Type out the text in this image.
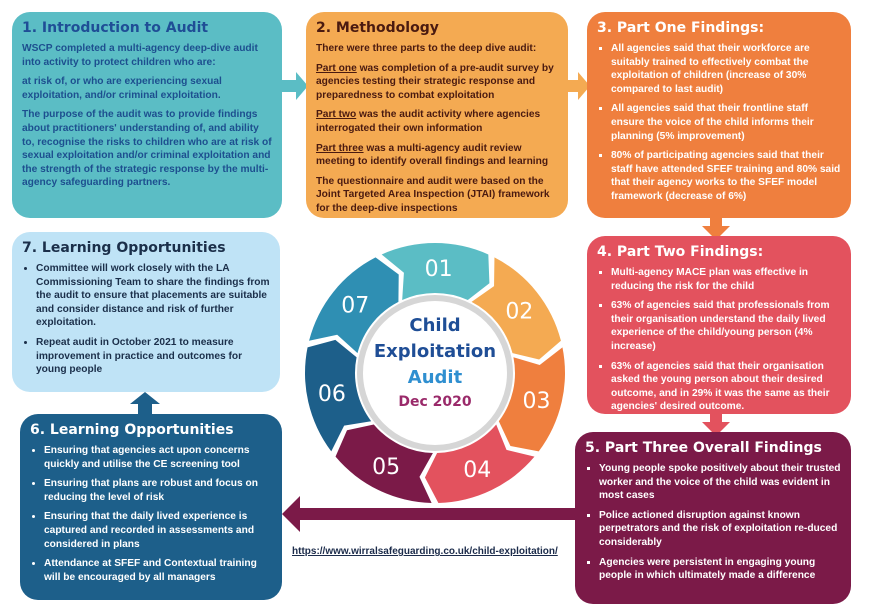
1. Introduction to Audit

WSCP completed a multi-agency deep-dive audit into activity to protect children who are:

at risk of, or who are experiencing sexual exploitation, and/or criminal exploitation.

The purpose of the audit was to provide findings about practitioners' understanding of, and ability to, recognise the risks to children who are at risk of sexual exploitation and/or criminal exploitation and the strength of the strategic response by the multi-agency safeguarding partners.

2. Methodology

There were three parts to the deep dive audit:

Part one was completion of a pre-audit survey by agencies testing their strategic response and preparedness to combat exploitation

Part two was the audit activity where agencies interrogated their own information

Part three was a multi-agency audit review meeting to identify overall findings and learning

The questionnaire and audit were based on the Joint Targeted Area Inspection (JTAI) framework for the deep-dive inspections

3. Part One Findings:
▪ All agencies said that their workforce are suitably trained to effectively combat the exploitation of children (increase of 30% compared to last audit)
▪ All agencies said that their frontline staff ensure the voice of the child informs their planning (5% improvement)
▪ 80% of participating agencies said that their staff have attended SFEF training and 80% said that their agency works to the SFEF model framework (decrease of 6%)
4. Part Two Findings:
▪ Multi-agency MACE plan was effective in reducing the risk for the child
▪ 63% of agencies said that professionals from their organisation understand the daily lived experience of the child/young person (4% increase)
▪ 63% of agencies said that their organisation asked the young person about their desired outcome, and in 29% it was the same as their agencies' desired outcome.
5. Part Three Overall Findings
▪ Young people spoke positively about their trusted worker and the voice of the child was evident in most cases
▪ Police actioned disruption against known perpetrators and the risk of exploitation re-duced considerably
▪ Agencies were persistent in engaging young people in which ultimately made a difference
6. Learning Opportunities
• Ensuring that agencies act upon concerns quickly and utilise the CE screening tool
• Ensuring that plans are robust and focus on reducing the level of risk
• Ensuring that the daily lived experience is captured and recorded in assessments and considered in plans
• Attendance at SFEF and Contextual training will be encouraged by all managers
7. Learning Opportunities
• Committee will work closely with the LA Commissioning Team to share the findings from the audit to ensure that placements are suitable and consider distance and risk of further exploitation.
• Repeat audit in October 2021 to measure improvement in practice and outcomes for young people
https://www.wirralsafeguarding.co.uk/child-exploitation/
01
02
03
04
05
06
07
Child
Exploitation
Audit
Dec 2020
